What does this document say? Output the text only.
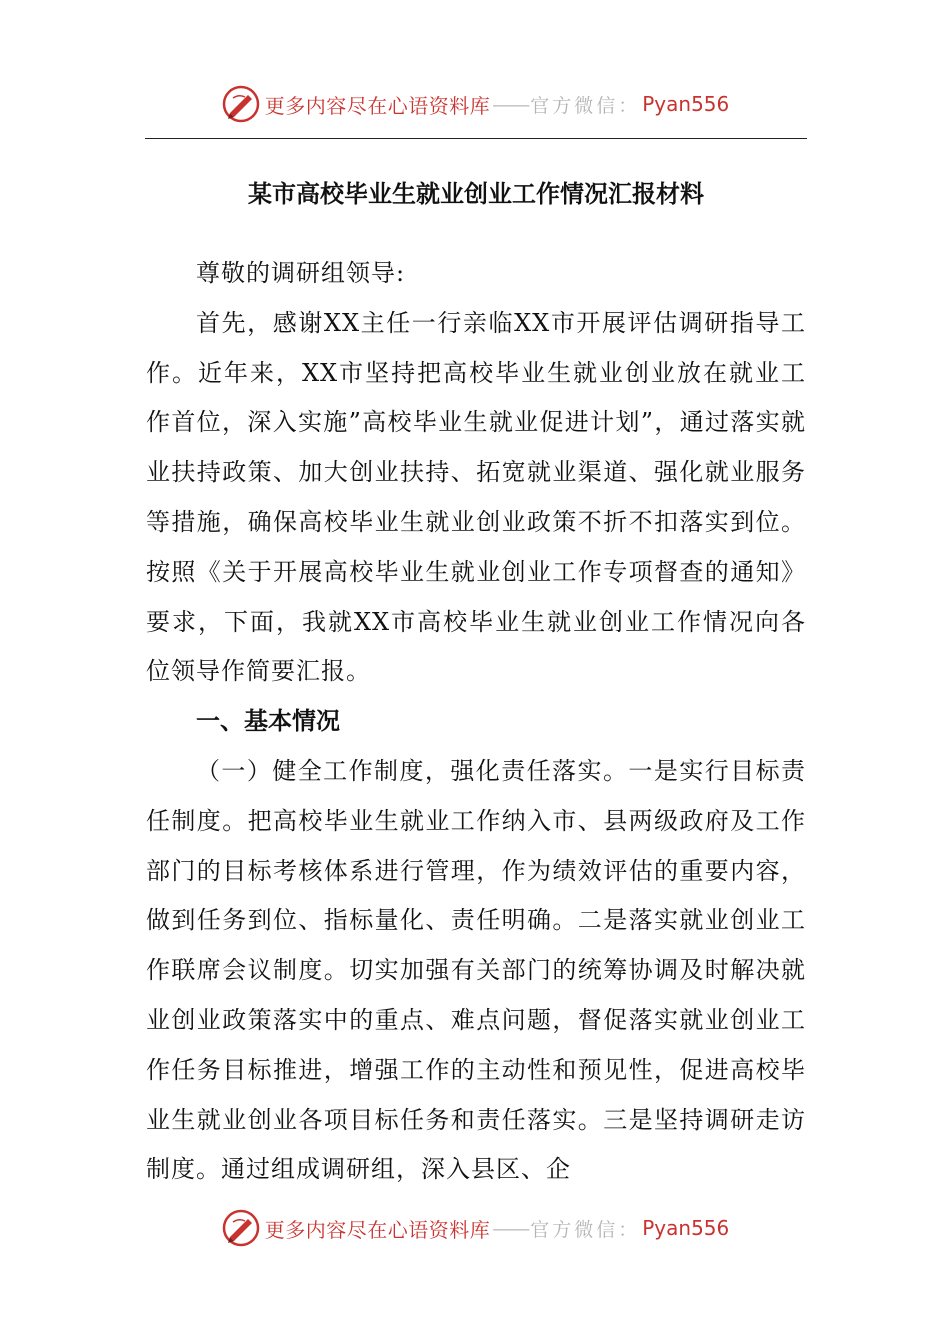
更多内容尽在心语资料库 —— 官方微信： Pyan556
某市高校毕业生就业创业工作情况汇报材料

尊敬的调研组领导:

首先，感谢XX主任一行亲临XX市开展评估调研指导工作。近年来，XX市坚持把高校毕业生就业创业放在就业工作首位，深入实施”高校毕业生就业促进计划”，通过落实就业扶持政策、加大创业扶持、拓宽就业渠道、强化就业服务等措施，确保高校毕业生就业创业政策不折不扣落实到位。按照《关于开展高校毕业生就业创业工作专项督查的通知》要求，下面，我就XX市高校毕业生就业创业工作情况向各位领导作简要汇报。

一、基本情况

（一）健全工作制度，强化责任落实。一是实行目标责任制度。把高校毕业生就业工作纳入市、县两级政府及工作部门的目标考核体系进行管理，作为绩效评估的重要内容，做到任务到位、指标量化、责任明确。二是落实就业创业工作联席会议制度。切实加强有关部门的统筹协调及时解决就业创业政策落实中的重点、难点问题，督促落实就业创业工作任务目标推进，增强工作的主动性和预见性，促进高校毕业生就业创业各项目标任务和责任落实。三是坚持调研走访制度。通过组成调研组，深入县区、企

更多内容尽在心语资料库 —— 官方微信： Pyan556
